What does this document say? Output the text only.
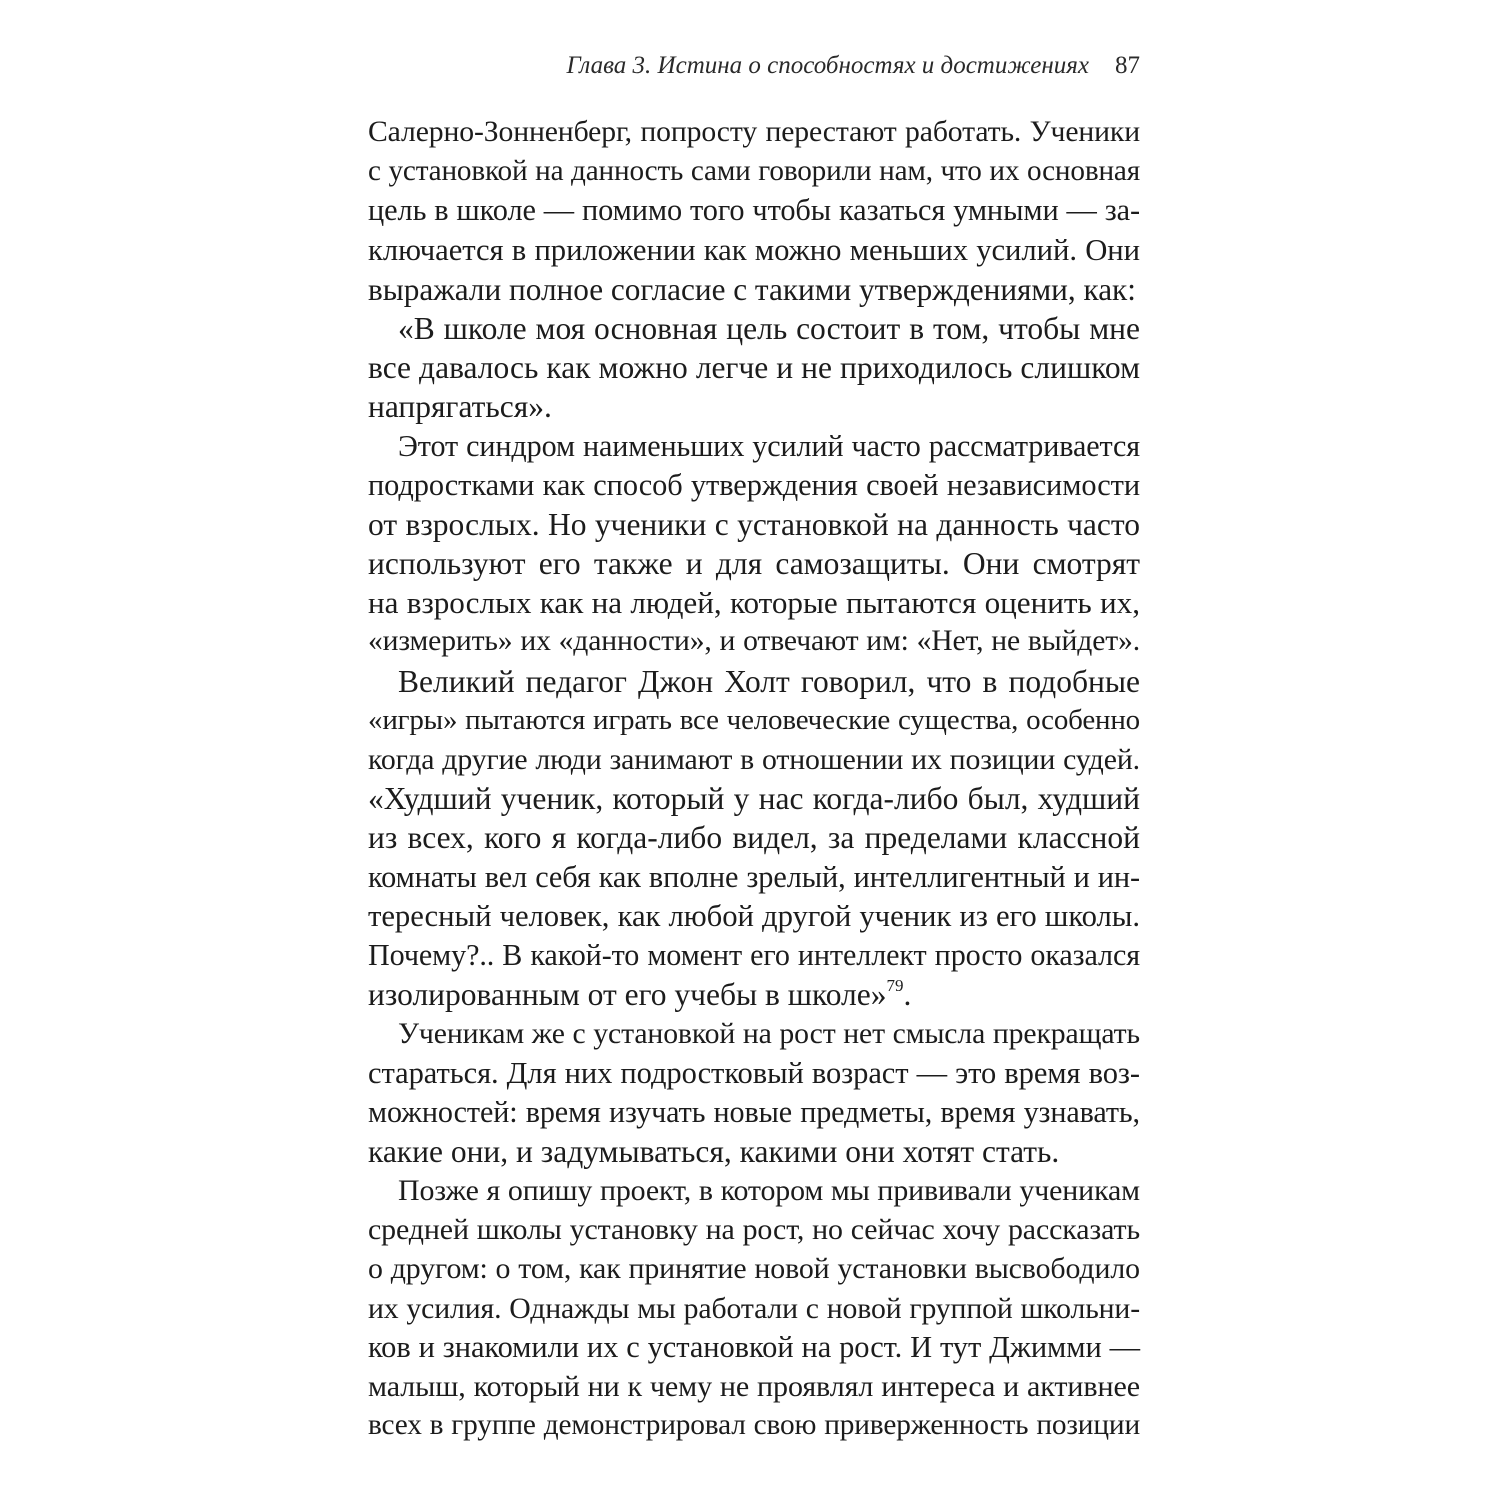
Глава 3. Истина о способностях и достижениях 87
Салерно-Зонненберг, попросту перестают работать. Ученики
с установкой на данность сами говорили нам, что их основная
цель в школе — помимо того чтобы казаться умными — за-
ключается в приложении как можно меньших усилий. Они
выражали полное согласие с такими утверждениями, как:
«В школе моя основная цель состоит в том, чтобы мне
все давалось как можно легче и не приходилось слишком
напрягаться».
Этот синдром наименьших усилий часто рассматривается
подростками как способ утверждения своей независимости
от взрослых. Но ученики с установкой на данность часто
используют его также и для самозащиты. Они смотрят
на взрослых как на людей, которые пытаются оценить их,
«измерить» их «данности», и отвечают им: «Нет, не выйдет».
Великий педагог Джон Холт говорил, что в подобные
«игры» пытаются играть все человеческие существа, особенно
когда другие люди занимают в отношении их позиции судей.
«Худший ученик, который у нас когда-либо был, худший
из всех, кого я когда-либо видел, за пределами классной
комнаты вел себя как вполне зрелый, интеллигентный и ин-
тересный человек, как любой другой ученик из его школы.
Почему?.. В какой-то момент его интеллект просто оказался
изолированным от его учебы в школе»$^{79}$.
Ученикам же с установкой на рост нет смысла прекращать
стараться. Для них подростковый возраст — это время воз-
можностей: время изучать новые предметы, время узнавать,
какие они, и задумываться, какими они хотят стать.
Позже я опишу проект, в котором мы прививали ученикам
средней школы установку на рост, но сейчас хочу рассказать
о другом: о том, как принятие новой установки высвободило
их усилия. Однажды мы работали с новой группой школьни-
ков и знакомили их с установкой на рост. И тут Джимми —
малыш, который ни к чему не проявлял интереса и активнее
всех в группе демонстрировал свою приверженность позиции
